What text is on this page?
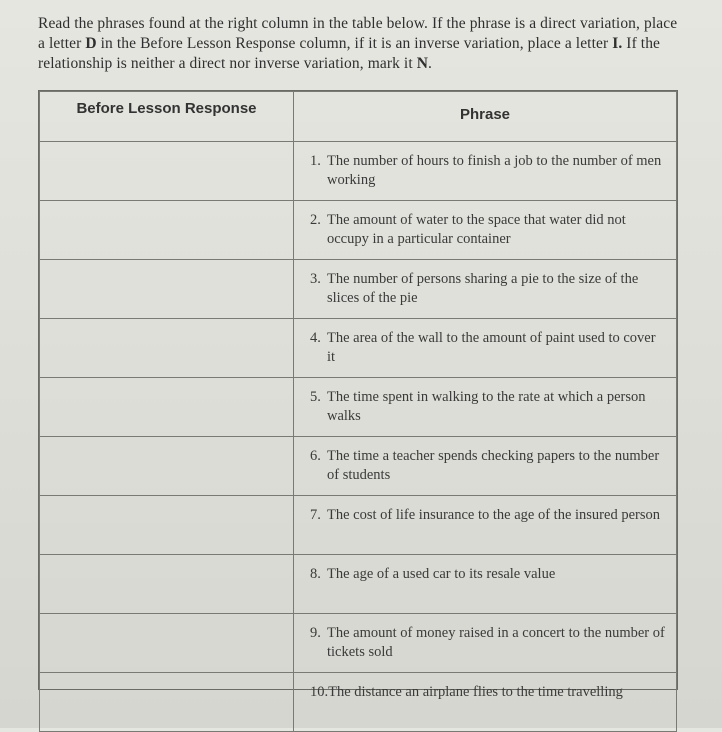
Read the phrases found at the right column in the table below. If the phrase is a direct variation, place
a letter D in the Before Lesson Response column, if it is an inverse variation, place a letter I. If the
relationship is neither a direct nor inverse variation, mark it N.
Before Lesson Response	Phrase

	1. The number of hours to finish a job to the number of men working

	2. The amount of water to the space that water did not occupy in a particular container

	3. The number of persons sharing a pie to the size of the slices of the pie

	4. The area of the wall to the amount of paint used to cover it

	5. The time spent in walking to the rate at which a person walks

	6. The time a teacher spends checking papers to the number of students

	7. The cost of life insurance to the age of the insured person

	8. The age of a used car to its resale value

	9. The amount of money raised in a concert to the number of tickets sold

	10. The distance an airplane flies to the time travelling
